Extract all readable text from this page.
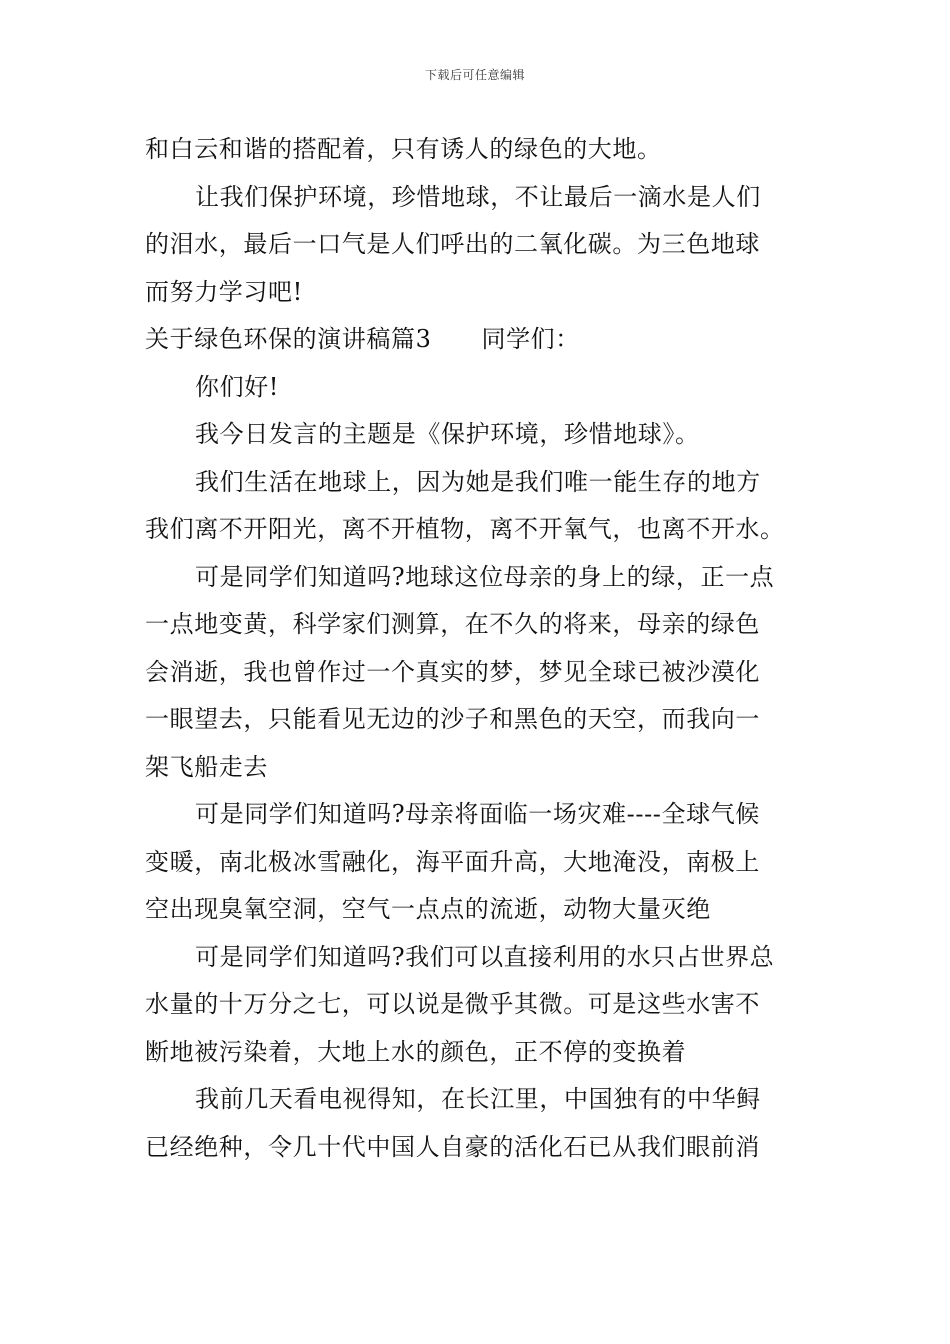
下载后可任意编辑
和白云和谐的搭配着，只有诱人的绿色的大地。
让我们保护环境，珍惜地球，不让最后一滴水是人们
的泪水，最后一口气是人们呼出的二氧化碳。为三色地球
而努力学习吧!
关于绿色环保的演讲稿篇3 同学们：
你们好!
我今日发言的主题是《保护环境，珍惜地球》。
我们生活在地球上，因为她是我们唯一能生存的地方
我们离不开阳光，离不开植物，离不开氧气，也离不开水。
可是同学们知道吗?地球这位母亲的身上的绿，正一点
一点地变黄，科学家们测算，在不久的将来，母亲的绿色
会消逝，我也曾作过一个真实的梦，梦见全球已被沙漠化
一眼望去，只能看见无边的沙子和黑色的天空，而我向一
架飞船走去
可是同学们知道吗?母亲将面临一场灾难----全球气候
变暖，南北极冰雪融化，海平面升高，大地淹没，南极上
空出现臭氧空洞，空气一点点的流逝，动物大量灭绝
可是同学们知道吗?我们可以直接利用的水只占世界总
水量的十万分之七，可以说是微乎其微。可是这些水害不
断地被污染着，大地上水的颜色，正不停的变换着
我前几天看电视得知，在长江里，中国独有的中华鲟
已经绝种，令几十代中国人自豪的活化石已从我们眼前消
